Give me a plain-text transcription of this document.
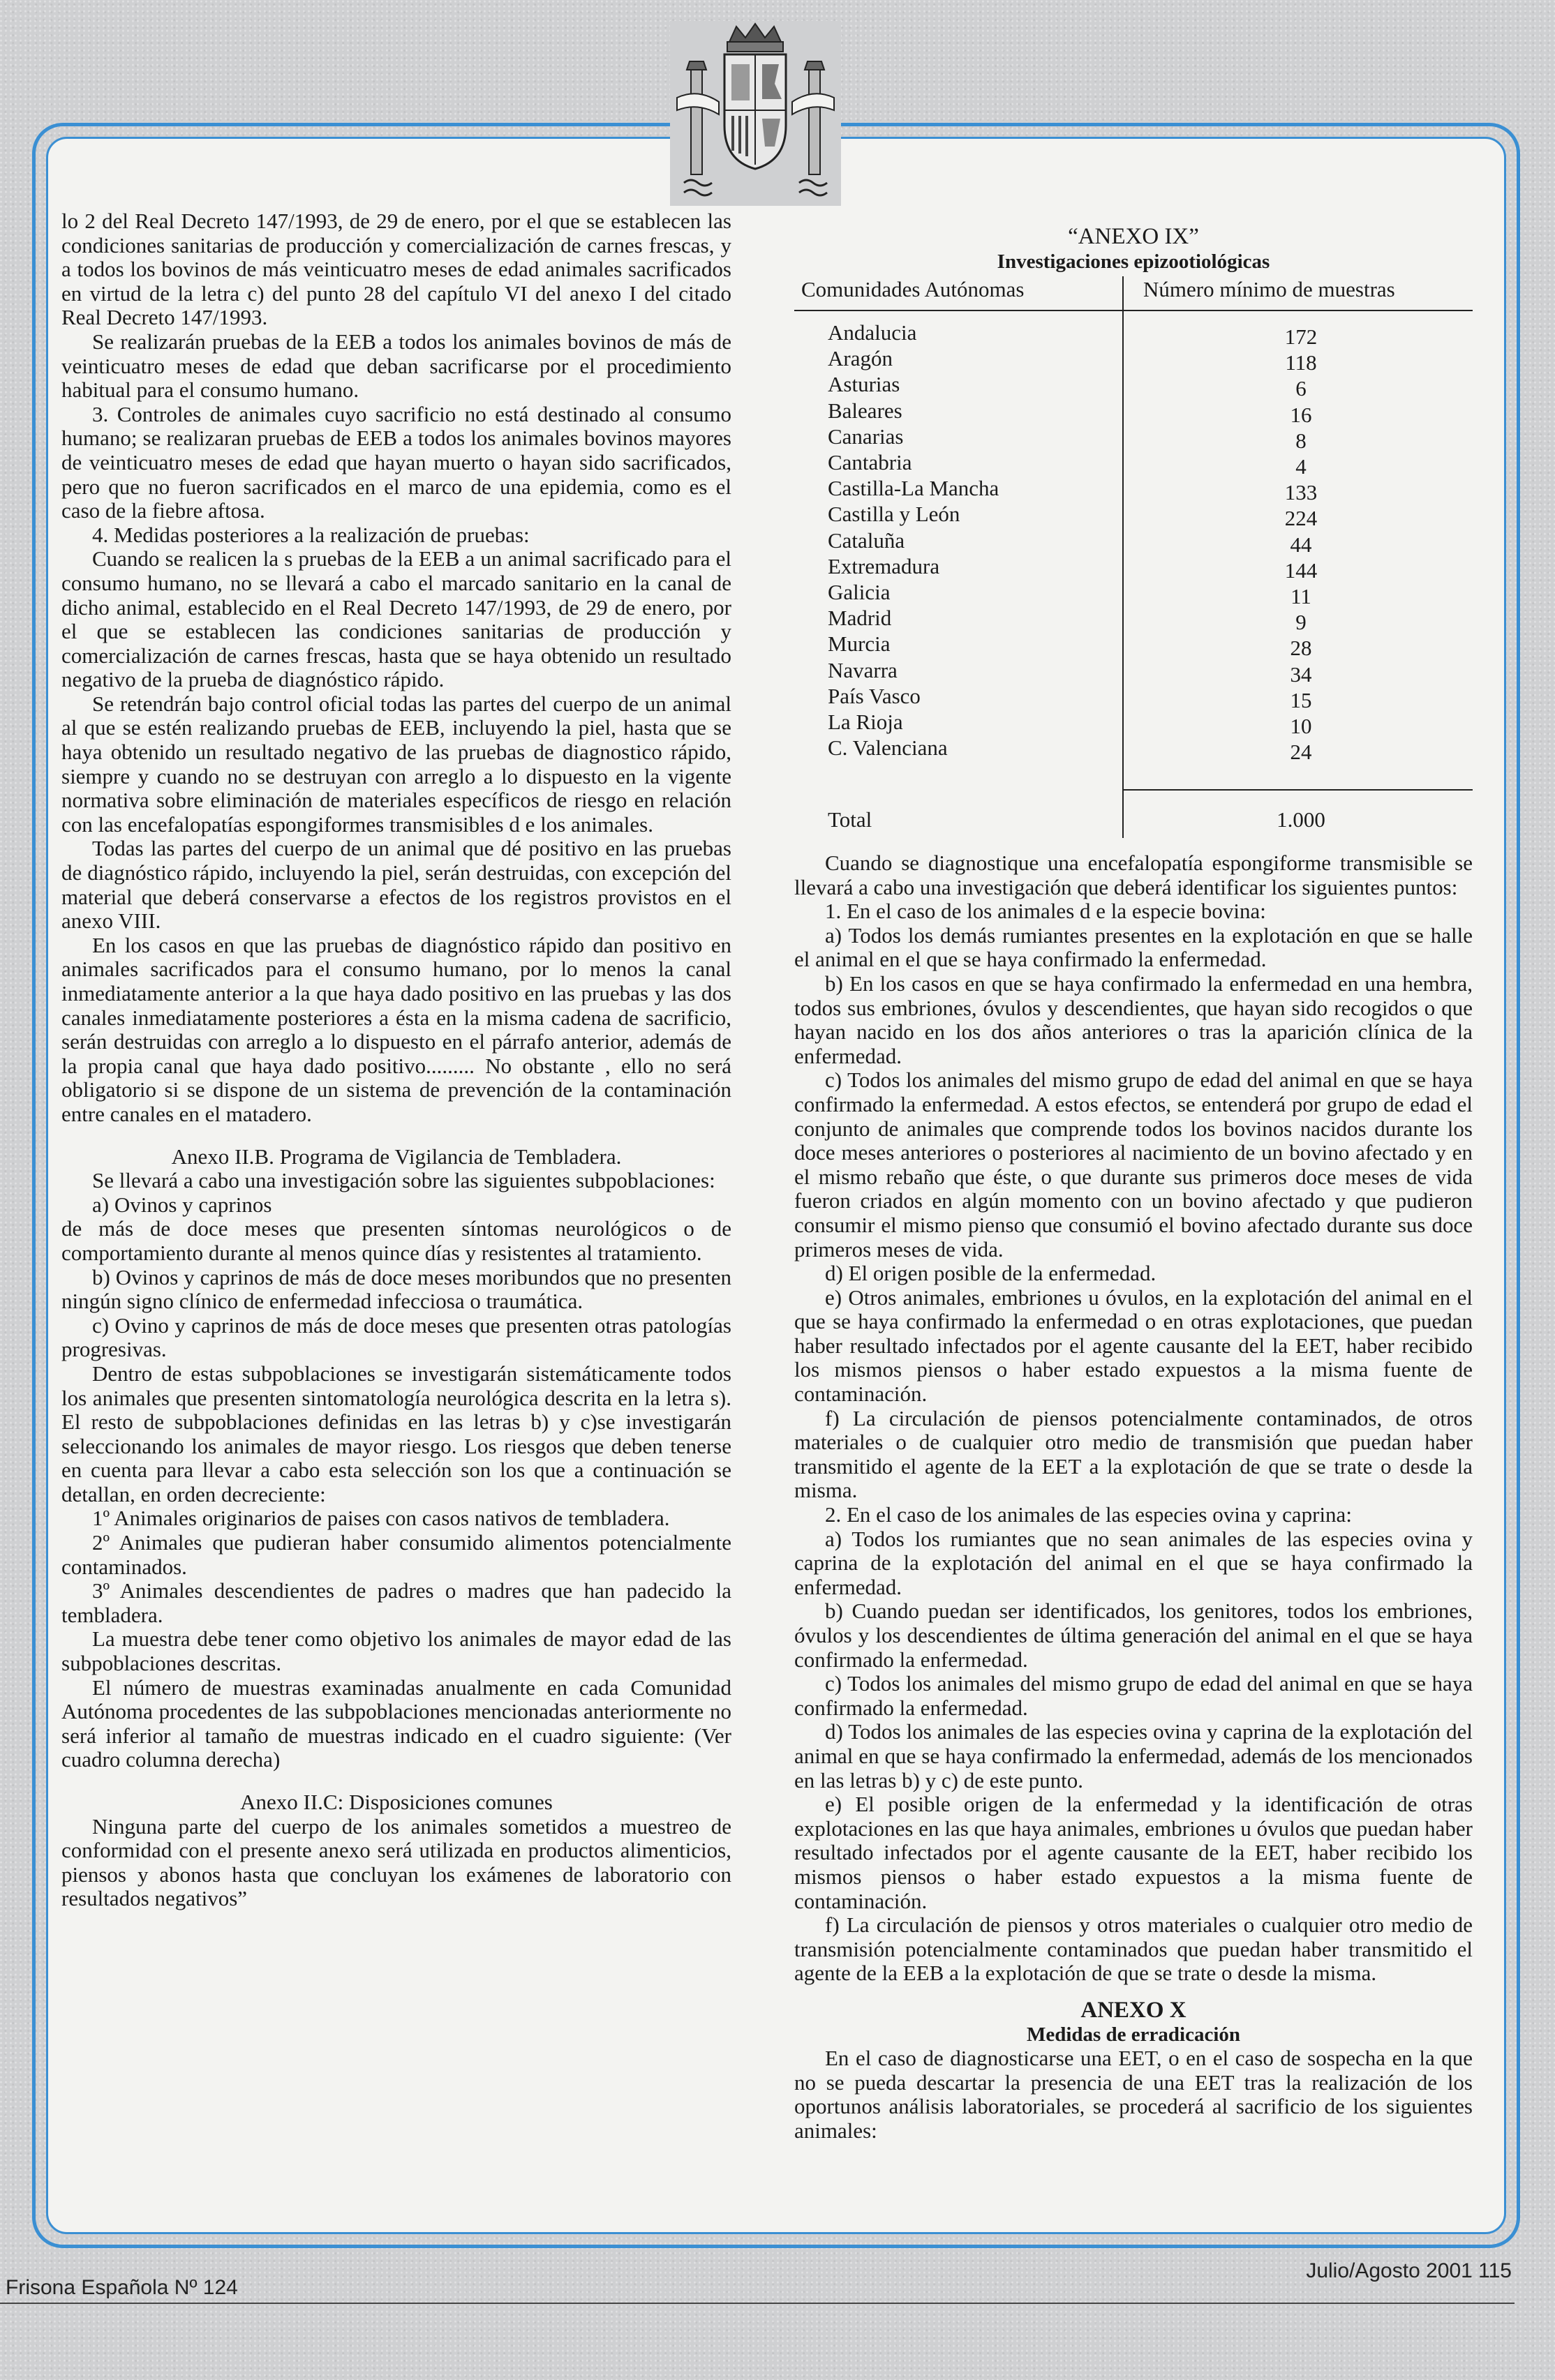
lo 2 del Real Decreto 147/1993, de 29 de enero, por el que se establecen las condiciones sanitarias de producción y comercialización de carnes frescas, y a todos los bovinos de más veinticuatro meses de edad animales sacrificados en virtud de la letra c) del punto 28 del capítulo VI del anexo I del citado Real Decreto 147/1993.

Se realizarán pruebas de la EEB a todos los animales bovinos de más de veinticuatro meses de edad que deban sacrificarse por el procedimiento habitual para el consumo humano.

3. Controles de animales cuyo sacrificio no está destinado al consumo humano; se realizaran pruebas de EEB a todos los animales bovinos mayores de veinticuatro meses de edad que hayan muerto o hayan sido sacrificados, pero que no fueron sacrificados en el marco de una epidemia, como es el caso de la fiebre aftosa.

4. Medidas posteriores a la realización de pruebas:

Cuando se realicen la s pruebas de la EEB a un animal sacrificado para el consumo humano, no se llevará a cabo el marcado sanitario en la canal de dicho animal, establecido en el Real Decreto 147/1993, de 29 de enero, por el que se establecen las condiciones sanitarias de producción y comercialización de carnes frescas, hasta que se haya obtenido un resultado negativo de la prueba de diagnóstico rápido.

Se retendrán bajo control oficial todas las partes del cuerpo de un animal al que se estén realizando pruebas de EEB, incluyendo la piel, hasta que se haya obtenido un resultado negativo de las pruebas de diagnostico rápido, siempre y cuando no se destruyan con arreglo a lo dispuesto en la vigente normativa sobre eliminación de materiales específicos de riesgo en relación con las encefalopatías espongiformes transmisibles d e los animales.

Todas las partes del cuerpo de un animal que dé positivo en las pruebas de diagnóstico rápido, incluyendo la piel, serán destruidas, con excepción del material que deberá conservarse a efectos de los registros provistos en el anexo VIII.

En los casos en que las pruebas de diagnóstico rápido dan positivo en animales sacrificados para el consumo humano, por lo menos la canal inmediatamente anterior a la que haya dado positivo en las pruebas y las dos canales inmediatamente posteriores a ésta en la misma cadena de sacrificio, serán destruidas con arreglo a lo dispuesto en el párrafo anterior, además de la propia canal que haya dado positivo......... No obstante , ello no será obligatorio si se dispone de un sistema de prevención de la contaminación entre canales en el matadero.

Anexo II.B. Programa de Vigilancia de Tembladera.

Se llevará a cabo una investigación sobre las siguientes subpoblaciones:

a) Ovinos y caprinos

de más de doce meses que presenten síntomas neurológicos o de comportamiento durante al menos quince días y resistentes al tratamiento.

b) Ovinos y caprinos de más de doce meses moribundos que no presenten ningún signo clínico de enfermedad infecciosa o traumática.

c) Ovino y caprinos de más de doce meses que presenten otras patologías progresivas.

Dentro de estas subpoblaciones se investigarán sistemáticamente todos los animales que presenten sintomatología neurológica descrita en la letra s). El resto de subpoblaciones definidas en las letras b) y c)se investigarán seleccionando los animales de mayor riesgo. Los riesgos que deben tenerse en cuenta para llevar a cabo esta selección son los que a continuación se detallan, en orden decreciente:

1º Animales originarios de paises con casos nativos de tembladera.

2º Animales que pudieran haber consumido alimentos potencialmente contaminados.

3º Animales descendientes de padres o madres que han padecido la tembladera.

La muestra debe tener como objetivo los animales de mayor edad de las subpoblaciones descritas.

El número de muestras examinadas anualmente en cada Comunidad Autónoma procedentes de las subpoblaciones mencionadas anteriormente no será inferior al tamaño de muestras indicado en el cuadro siguiente: (Ver cuadro columna derecha)

Anexo II.C: Disposiciones comunes

Ninguna parte del cuerpo de los animales sometidos a muestreo de conformidad con el presente anexo será utilizada en productos alimenticios, piensos y abonos hasta que concluyan los exámenes de laboratorio con resultados negativos”

“ANEXO IX”

Investigaciones epizootiológicas

Comunidades Autónomas	Número mínimo de muestras
Andalucia	172
Aragón	118
Asturias	6
Baleares	16
Canarias	8
Cantabria	4
Castilla-La Mancha	133
Castilla y León	224
Cataluña	44
Extremadura	144
Galicia	11
Madrid	9
Murcia	28
Navarra	34
País Vasco	15
La Rioja	10
C. Valenciana	24
Total	1.000

Cuando se diagnostique una encefalopatía espongiforme transmisible se llevará a cabo una investigación que deberá identificar los siguientes puntos:

1. En el caso de los animales d e la especie bovina:

a) Todos los demás rumiantes presentes en la explotación en que se halle el animal en el que se haya confirmado la enfermedad.

b) En los casos en que se haya confirmado la enfermedad en una hembra, todos sus embriones, óvulos y descendientes, que hayan sido recogidos o que hayan nacido en los dos años anteriores o tras la aparición clínica de la enfermedad.

c) Todos los animales del mismo grupo de edad del animal en que se haya confirmado la enfermedad. A estos efectos, se entenderá por grupo de edad el conjunto de animales que comprende todos los bovinos nacidos durante los doce meses anteriores o posteriores al nacimiento de un bovino afectado y en el mismo rebaño que éste, o que durante sus primeros doce meses de vida fueron criados en algún momento con un bovino afectado y que pudieron consumir el mismo pienso que consumió el bovino afectado durante sus doce primeros meses de vida.

d) El origen posible de la enfermedad.

e) Otros animales, embriones u óvulos, en la explotación del animal en el que se haya confirmado la enfermedad o en otras explotaciones, que puedan haber resultado infectados por el agente causante del la EET, haber recibido los mismos piensos o haber estado expuestos a la misma fuente de contaminación.

f) La circulación de piensos potencialmente contaminados, de otros materiales o de cualquier otro medio de transmisión que puedan haber transmitido el agente de la EET a la explotación de que se trate o desde la misma.

2. En el caso de los animales de las especies ovina y caprina:

a) Todos los rumiantes que no sean animales de las especies ovina y caprina de la explotación del animal en el que se haya confirmado la enfermedad.

b) Cuando puedan ser identificados, los genitores, todos los embriones, óvulos y los descendientes de última generación del animal en el que se haya confirmado la enfermedad.

c) Todos los animales del mismo grupo de edad del animal en que se haya confirmado la enfermedad.

d) Todos los animales de las especies ovina y caprina de la explotación del animal en que se haya confirmado la enfermedad, además de los mencionados en las letras b) y c) de este punto.

e) El posible origen de la enfermedad y la identificación de otras explotaciones en las que haya animales, embriones u óvulos que puedan haber resultado infectados por el agente causante de la EET, haber recibido los mismos piensos o haber estado expuestos a la misma fuente de contaminación.

f) La circulación de piensos y otros materiales o cualquier otro medio de transmisión potencialmente contaminados que puedan haber transmitido el agente de la EEB a la explotación de que se trate o desde la misma.

ANEXO X

Medidas de erradicación

En el caso de diagnosticarse una EET, o en el caso de sospecha en la que no se pueda descartar la presencia de una EET tras la realización de los oportunos análisis laboratoriales, se procederá al sacrificio de los siguientes animales:

Frisona Española Nº 124
Julio/Agosto 2001 115
